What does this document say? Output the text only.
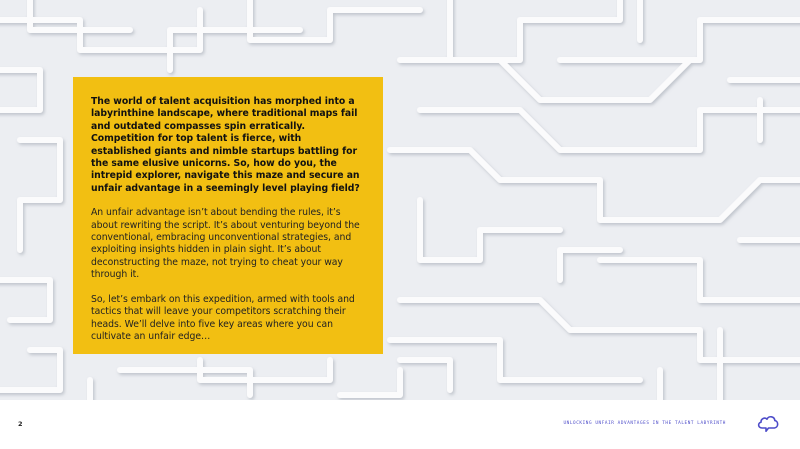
The world of talent acquisition has morphed into a labyrinthine landscape, where traditional maps fail and outdated compasses spin erratically. Competition for top talent is fierce, with established giants and nimble startups battling for the same elusive unicorns. So, how do you, the intrepid explorer, navigate this maze and secure an unfair advantage in a seemingly level playing field?

An unfair advantage isn’t about bending the rules, it’s about rewriting the script. It’s about venturing beyond the conventional, embracing unconventional strategies, and exploiting insights hidden in plain sight. It’s about deconstructing the maze, not trying to cheat your way through it.

So, let’s embark on this expedition, armed with tools and tactics that will leave your competitors scratching their heads. We’ll delve into five key areas where you can cultivate an unfair edge…

2	UNLOCKING UNFAIR ADVANTAGES IN THE TALENT LABYRINTH
